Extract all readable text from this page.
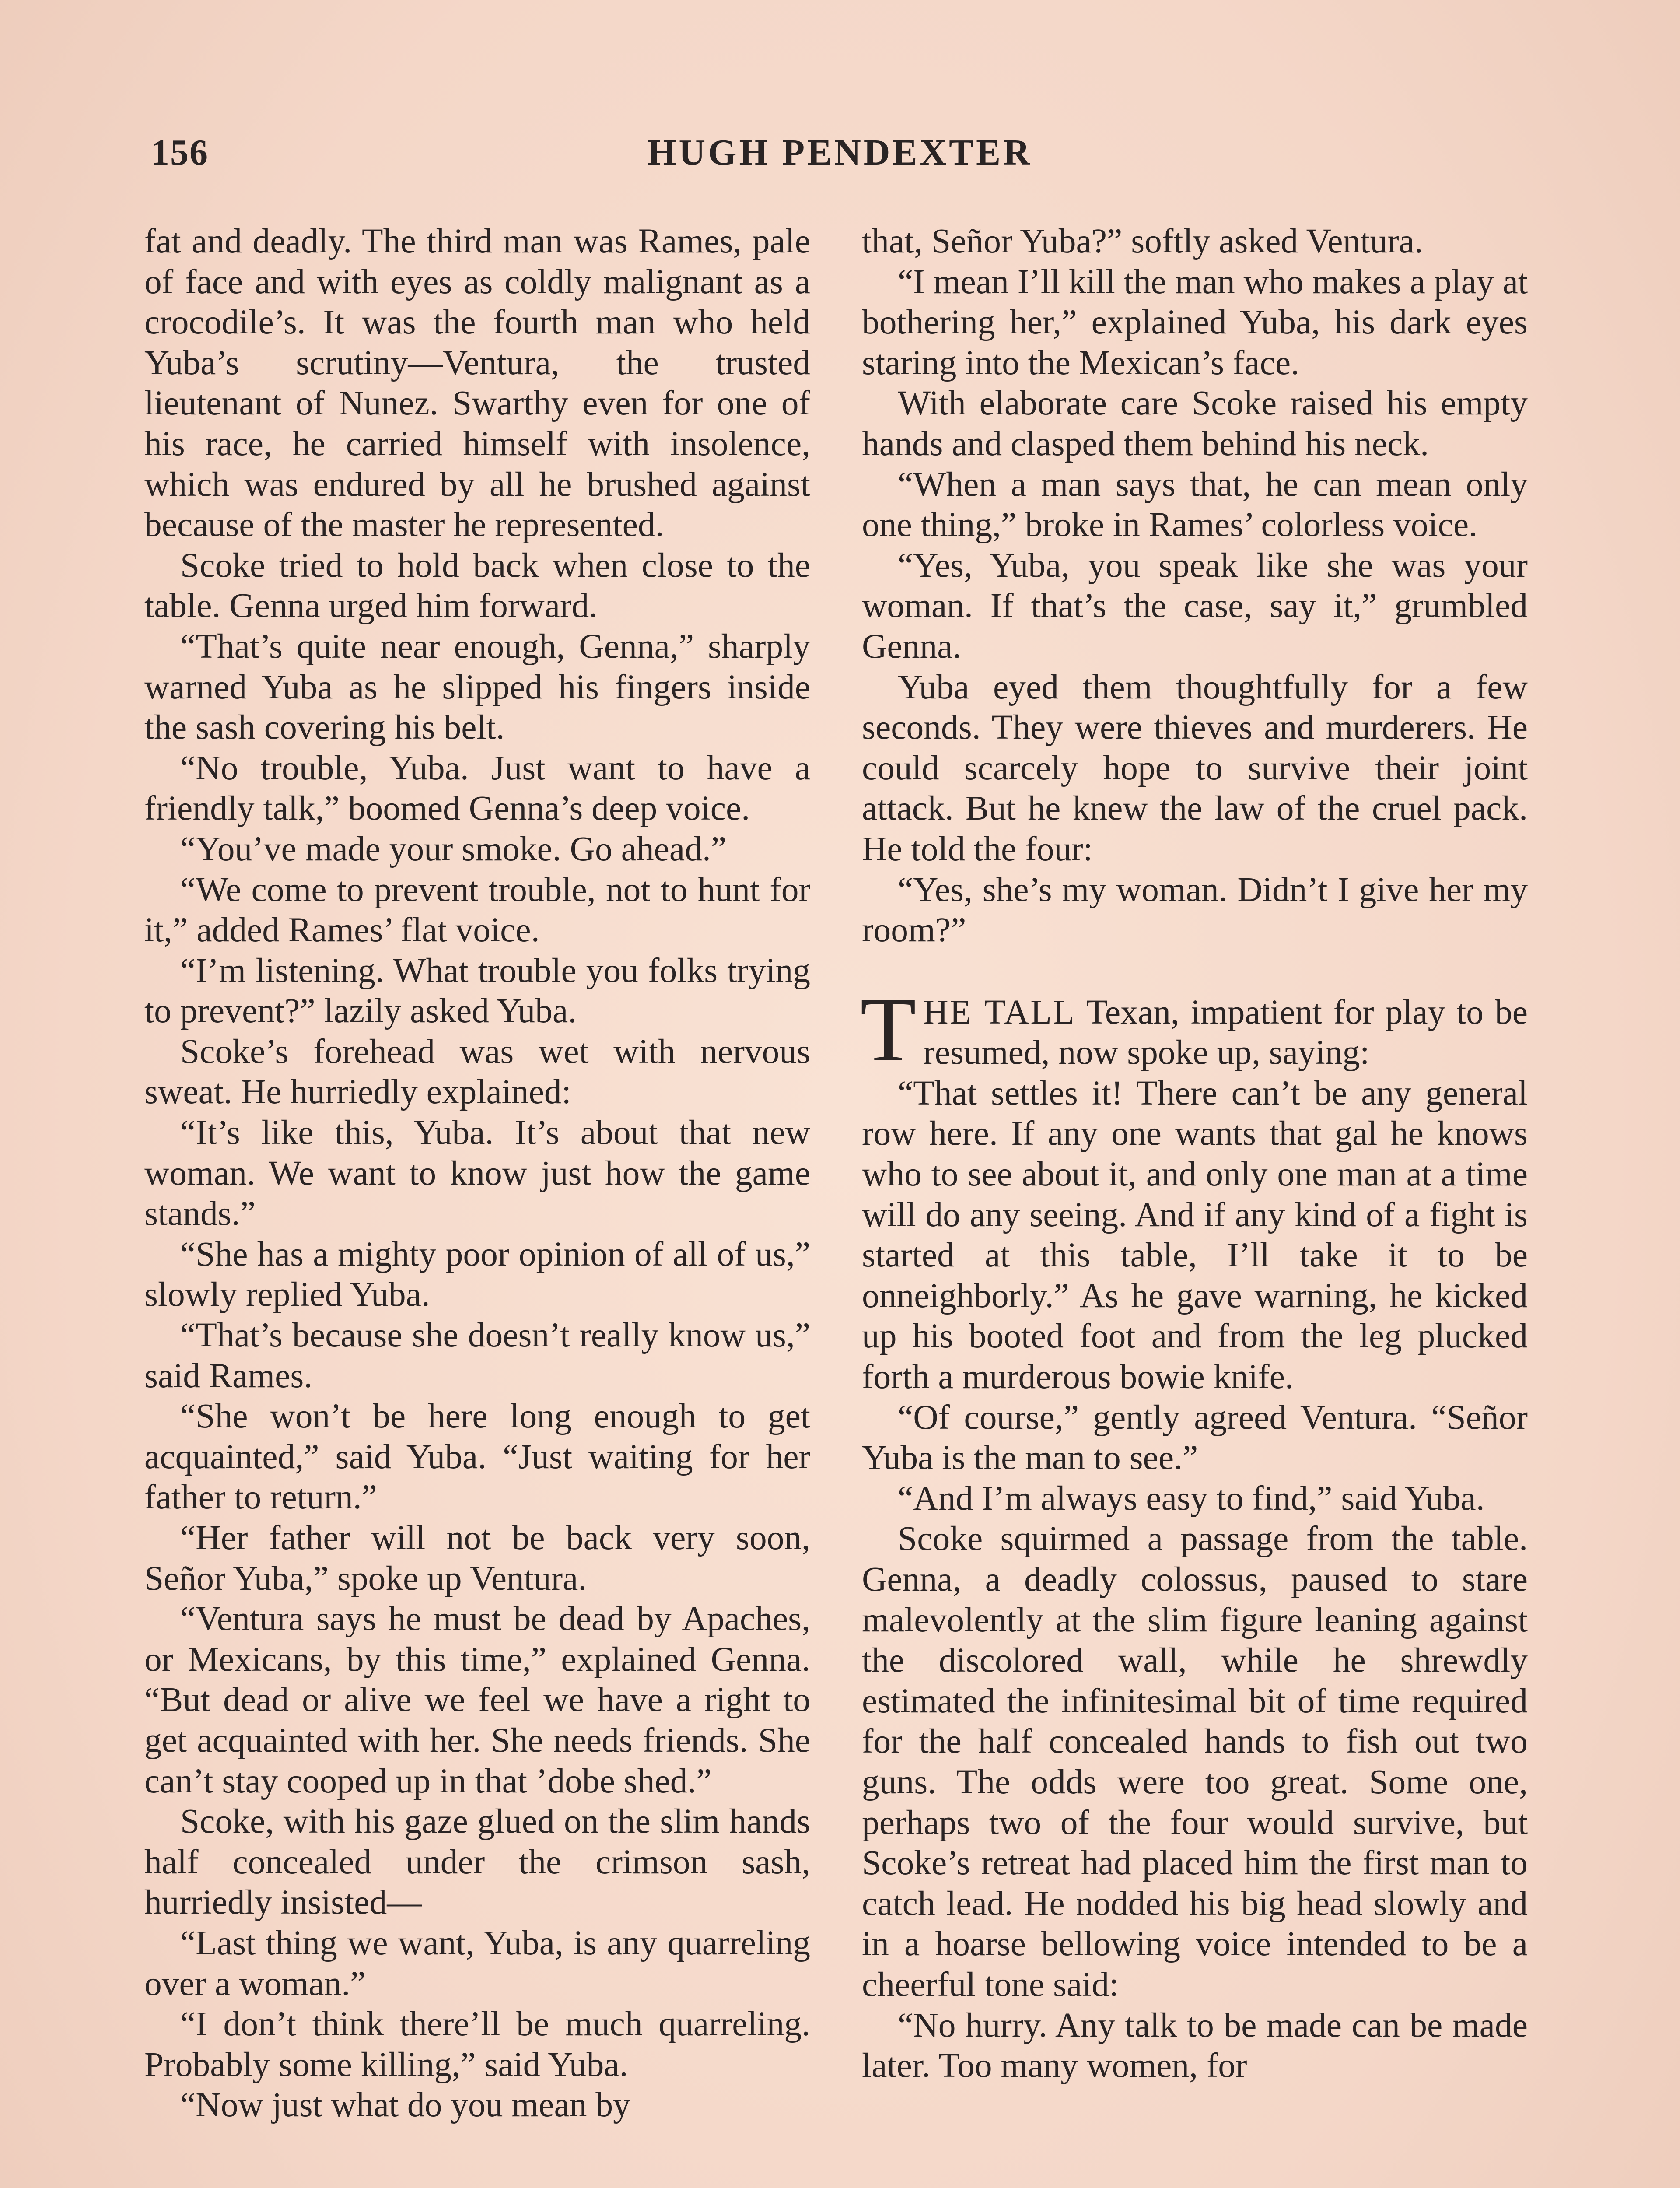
156	HUGH PENDEXTER

fat and deadly. The third man was Rames, pale of face and with eyes as coldly malignant as a crocodile’s. It was the fourth man who held Yuba’s scrutiny—Ventura, the trusted lieutenant of Nunez. Swarthy even for one of his race, he carried himself with insolence, which was endured by all he brushed against because of the master he represented.

Scoke tried to hold back when close to the table. Genna urged him forward.

“That’s quite near enough, Genna,” sharply warned Yuba as he slipped his fingers inside the sash covering his belt.

“No trouble, Yuba. Just want to have a friendly talk,” boomed Genna’s deep voice.

“You’ve made your smoke. Go ahead.”

“We come to prevent trouble, not to hunt for it,” added Rames’ flat voice.

“I’m listening. What trouble you folks trying to prevent?” lazily asked Yuba.

Scoke’s forehead was wet with nervous sweat. He hurriedly explained:

“It’s like this, Yuba. It’s about that new woman. We want to know just how the game stands.”

“She has a mighty poor opinion of all of us,” slowly replied Yuba.

“That’s because she doesn’t really know us,” said Rames.

“She won’t be here long enough to get acquainted,” said Yuba. “Just waiting for her father to return.”

“Her father will not be back very soon, Señor Yuba,” spoke up Ventura.

“Ventura says he must be dead by Apaches, or Mexicans, by this time,” explained Genna. “But dead or alive we feel we have a right to get acquainted with her. She needs friends. She can’t stay cooped up in that ’dobe shed.”

Scoke, with his gaze glued on the slim hands half concealed under the crimson sash, hurriedly insisted—

“Last thing we want, Yuba, is any quarreling over a woman.”

“I don’t think there’ll be much quarreling. Probably some killing,” said Yuba.

“Now just what do you mean by

that, Señor Yuba?” softly asked Ventura.

“I mean I’ll kill the man who makes a play at bothering her,” explained Yuba, his dark eyes staring into the Mexican’s face.

With elaborate care Scoke raised his empty hands and clasped them behind his neck.

“When a man says that, he can mean only one thing,” broke in Rames’ colorless voice.

“Yes, Yuba, you speak like she was your woman. If that’s the case, say it,” grumbled Genna.

Yuba eyed them thoughtfully for a few seconds. They were thieves and murderers. He could scarcely hope to survive their joint attack. But he knew the law of the cruel pack. He told the four:

“Yes, she’s my woman. Didn’t I give her my room?”

THE TALL Texan, impatient for play to be resumed, now spoke up, saying:

“That settles it! There can’t be any general row here. If any one wants that gal he knows who to see about it, and only one man at a time will do any seeing. And if any kind of a fight is started at this table, I’ll take it to be onneighborly.” As he gave warning, he kicked up his booted foot and from the leg plucked forth a murderous bowie knife.

“Of course,” gently agreed Ventura. “Señor Yuba is the man to see.”

“And I’m always easy to find,” said Yuba.

Scoke squirmed a passage from the table. Genna, a deadly colossus, paused to stare malevolently at the slim figure leaning against the discolored wall, while he shrewdly estimated the infinitesimal bit of time required for the half concealed hands to fish out two guns. The odds were too great. Some one, perhaps two of the four would survive, but Scoke’s retreat had placed him the first man to catch lead. He nodded his big head slowly and in a hoarse bellowing voice intended to be a cheerful tone said:

“No hurry. Any talk to be made can be made later. Too many women, for
